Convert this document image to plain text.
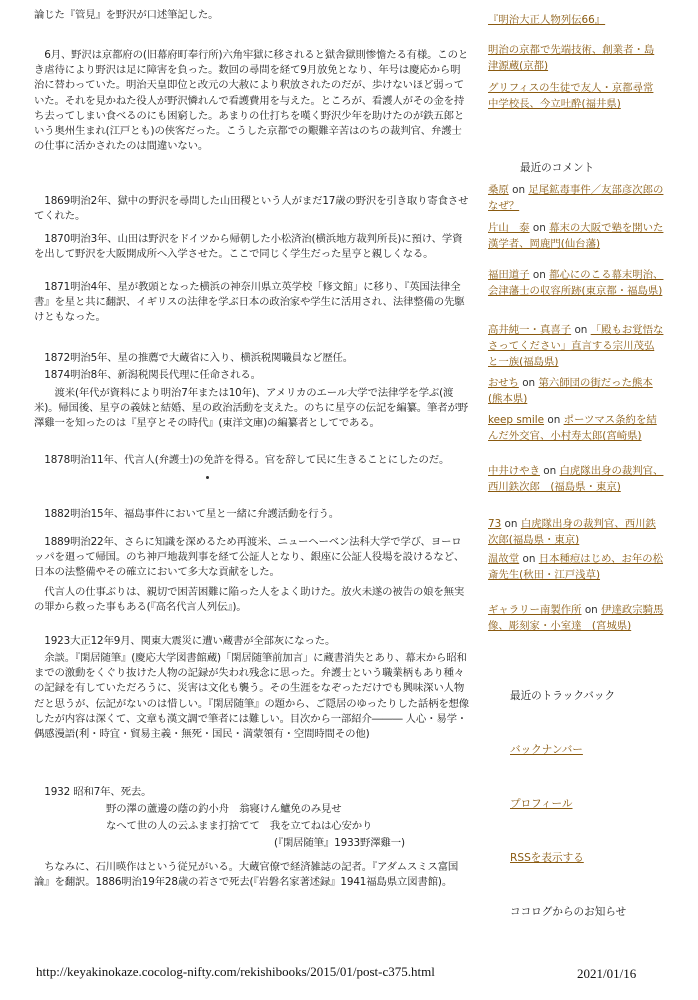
論じた『管見』を野沢が口述筆記した。

　6月、野沢は京都府の(旧幕府町奉行所)六角牢獄に移されると獄舎獄則惨憺たる有様。このとき虐待により野沢は足に障害を負った。数回の尋問を経て9月放免となり、年号は慶応から明治に替わっていた。明治天皇即位と改元の大赦により釈放されたのだが、歩けないほど弱っていた。それを見かねた役人が野沢憐れんで看護費用を与えた。ところが、看護人がその金を持ち去ってしまい食べるのにも困窮した。あまりの仕打ちを嘆く野沢少年を助けたのが鉄五郎という奥州生まれ(江戸とも)の侠客だった。こうした京都での艱難辛苦はのちの裁判官、弁護士の仕事に活かされたのは間違いない。

　1869明治2年、獄中の野沢を尋問した山田稷という人がまだ17歳の野沢を引き取り寄食させてくれた。

　1870明治3年、山田は野沢をドイツから帰朝した小松済治(横浜地方裁判所長)に預け、学資を出して野沢を大阪開成所へ入学させた。ここで同じく学生だった星亨と親しくなる。

　1871明治4年、星が教頭となった横浜の神奈川県立英学校「修文館」に移り、『英国法律全書』を星と共に翻訳、イギリスの法律を学ぶ日本の政治家や学生に活用され、法律整備の先駆けともなった。

　1872明治5年、星の推薦で大蔵省に入り、横浜税関職員など歴任。

　1874明治8年、新潟税関長代理に任命される。

　　渡米(年代が資料により明治7年または10年)、アメリカのエール大学で法律学を学ぶ(渡米)。帰国後、星亨の義妹と結婚、星の政治活動を支えた。のちに星亨の伝記を編纂。筆者が野澤雞一を知ったのは『星亨とその時代』(東洋文庫)の編纂者としてである。

　1878明治11年、代言人(弁護士)の免許を得る。官を辞して民に生きることにしたのだ。

　1882明治15年、福島事件において星と一緒に弁護活動を行う。

　1889明治22年、さらに知識を深めるため再渡米、ニューヘーベン法科大学で学び、ヨーロッパを廻って帰国。のち神戸地裁判事を経て公証人となり、銀座に公証人役場を設けるなど、日本の法整備やその確立において多大な貢献をした。

　代言人の仕事ぶりは、親切で困苦困難に陥った人をよく助けた。放火未遂の被告の娘を無実の罪から救った事もある(『高名代言人列伝』)。

　1923大正12年9月、関東大震災に遭い蔵書が全部灰になった。

　余談。『閑居随筆』(慶応大学図書館蔵)「閑居随筆前加言」に蔵書消失とあり、幕末から昭和までの激動をくぐり抜けた人物の記録が失われ残念に思った。弁護士という職業柄もあり種々の記録を有していただろうに、災害は文化も襲う。その生涯をなぞっただけでも興味深い人物だと思うが、伝記がないのは惜しい。『閑居随筆』の題から、ご隠居のゆったりした話柄を想像したが内容は深くて、文章も漢文調で筆者には難しい。目次から一部紹介――― 人心・易学・偶感漫語(利・時宜・貿易主義・無死・国民・満蒙領有・空間時間その他)

　1932 昭和7年、死去。

野の澤の蘆邊の蔭の釣小舟　翁寝けん鱸免のみ見せ
なへて世の人の云ふまま打捨てて　我を立てねは心安かり
(『閑居随筆』1933野澤雞一)

　ちなみに、石川暎作はという従兄がいる。大蔵官僚で経済雑誌の記者。『アダムスミス富国論』を翻訳。1886明治19年28歳の若さで死去(『岩磐名家著述録』1941福島県立図書館)。

『明治大正人物列伝66』
明治の京都で先端技術、創業者・島津源蔵(京都)
グリフィスの生徒で友人・京都尋常中学校長、今立吐酔(福井県)
最近のコメント
桑原 on 足尾鉱毒事件／友部彦次郎のなぜ？
片山　泰 on 幕末の大阪で塾を開いた漢学者、岡鹿門(仙台藩)
福田道子 on 都心にのこる幕末明治、会津藩士の収容所跡(東京都・福島県)
高井純一・真喜子 on 「殿もお覚悟なさってください」直言する宗川茂弘と一族(福島県)
おせち on 第六師団の街だった熊本(熊本県)
keep smile on ポーツマス条約を結んだ外交官、小村寿太郎(宮崎県)
中井けやき on 白虎隊出身の裁判官、西川鉄次郎　(福島県・東京)
73 on 白虎隊出身の裁判官、西川鉄次郎(福島県・東京)
温故堂 on 日本種痘はじめ、お年の松斎先生(秋田・江戸浅草)
ギャラリー南製作所 on 伊達政宗騎馬像、彫刻家・小室達　(宮城県)
最近のトラックバック
バックナンバー
プロフィール
RSSを表示する
ココログからのお知らせ
http://keyakinokaze.cocolog-nifty.com/rekishibooks/2015/01/post-c375.html	2021/01/16
